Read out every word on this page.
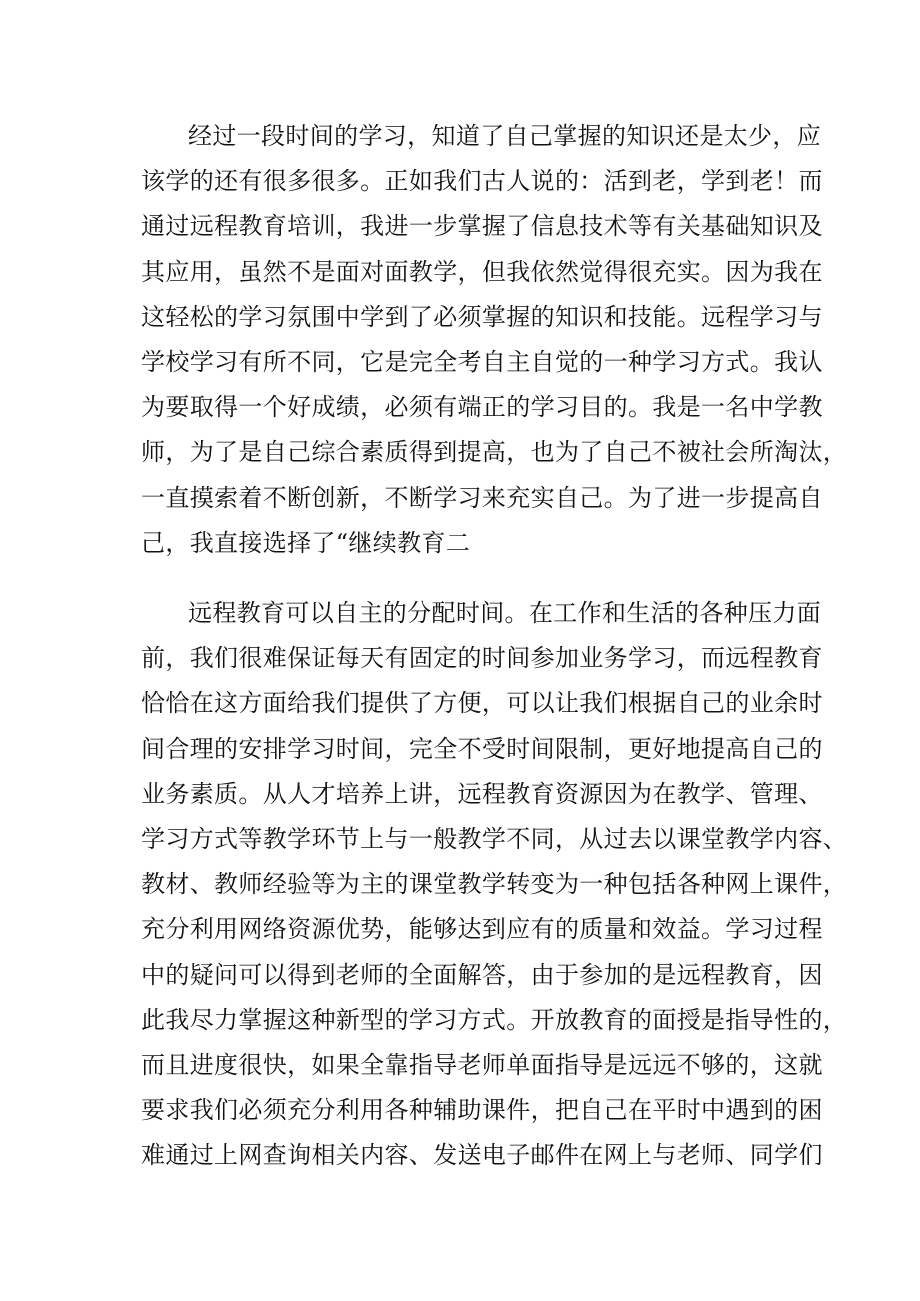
经过一段时间的学习，知道了自己掌握的知识还是太少，应
该学的还有很多很多。正如我们古人说的：活到老，学到老！而
通过远程教育培训，我进一步掌握了信息技术等有关基础知识及
其应用，虽然不是面对面教学，但我依然觉得很充实。因为我在
这轻松的学习氛围中学到了必须掌握的知识和技能。远程学习与
学校学习有所不同，它是完全考自主自觉的一种学习方式。我认
为要取得一个好成绩，必须有端正的学习目的。我是一名中学教
师，为了是自己综合素质得到提高，也为了自己不被社会所淘汰，
一直摸索着不断创新，不断学习来充实自己。为了进一步提高自
己，我直接选择了“继续教育二
远程教育可以自主的分配时间。在工作和生活的各种压力面
前，我们很难保证每天有固定的时间参加业务学习，而远程教育
恰恰在这方面给我们提供了方便，可以让我们根据自己的业余时
间合理的安排学习时间，完全不受时间限制，更好地提高自己的
业务素质。从人才培养上讲，远程教育资源因为在教学、管理、
学习方式等教学环节上与一般教学不同，从过去以课堂教学内容、
教材、教师经验等为主的课堂教学转变为一种包括各种网上课件，
充分利用网络资源优势，能够达到应有的质量和效益。学习过程
中的疑问可以得到老师的全面解答，由于参加的是远程教育，因
此我尽力掌握这种新型的学习方式。开放教育的面授是指导性的，
而且进度很快，如果全靠指导老师单面指导是远远不够的，这就
要求我们必须充分利用各种辅助课件，把自己在平时中遇到的困
难通过上网查询相关内容、发送电子邮件在网上与老师、同学们
